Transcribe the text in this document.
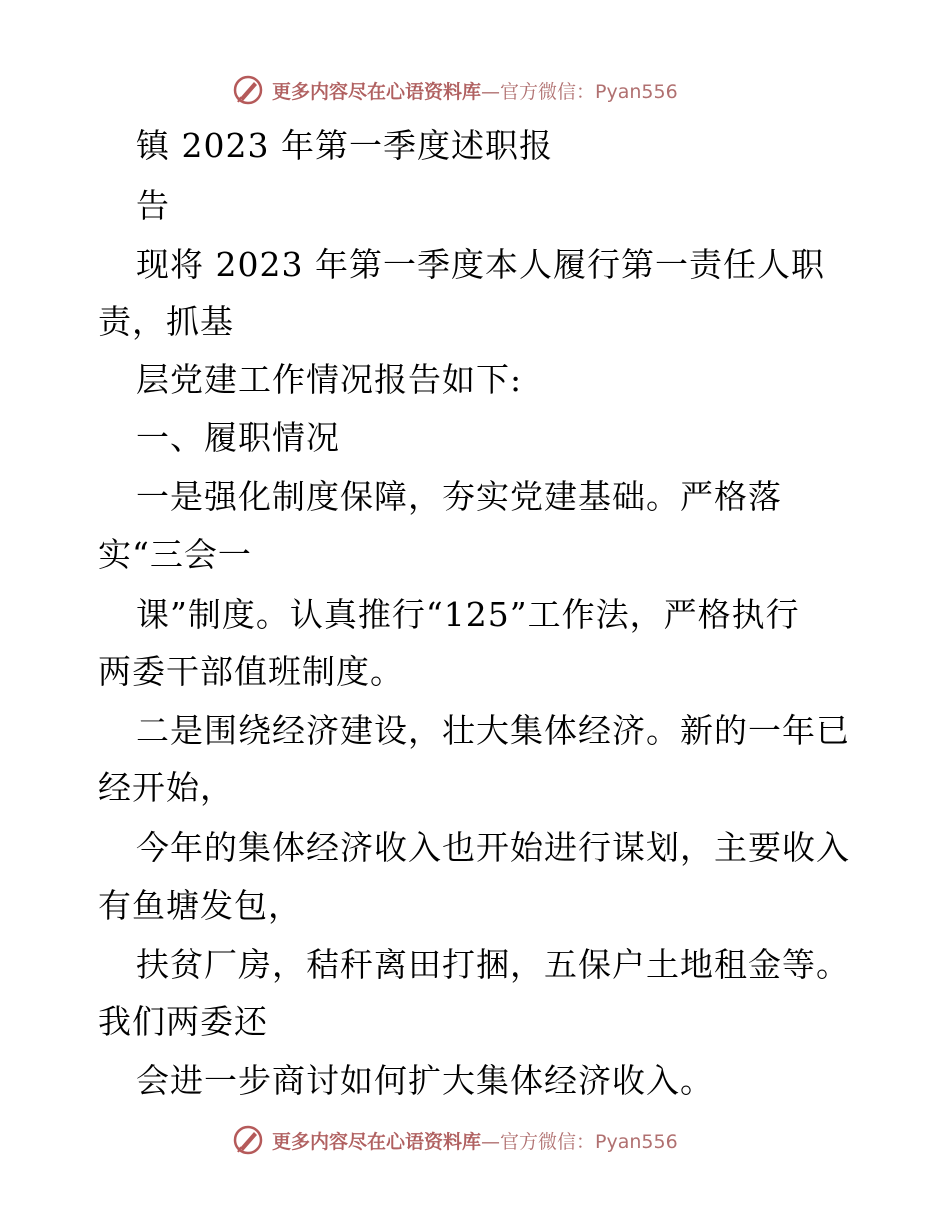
更多内容尽在心语资料库—官方微信：Pyan556
镇 2023 年第一季度述职报
告
现将 2023 年第一季度本人履行第一责任人职
责，抓基
层党建工作情况报告如下:
一、履职情况
一是强化制度保障，夯实党建基础。严格落
实“三会一
课”制度。认真推行“125”工作法，严格执行
两委干部值班制度。
二是围绕经济建设，壮大集体经济。新的一年已
经开始，
今年的集体经济收入也开始进行谋划，主要收入
有鱼塘发包，
扶贫厂房，秸秆离田打捆，五保户土地租金等。
我们两委还
会进一步商讨如何扩大集体经济收入。
更多内容尽在心语资料库—官方微信：Pyan556
